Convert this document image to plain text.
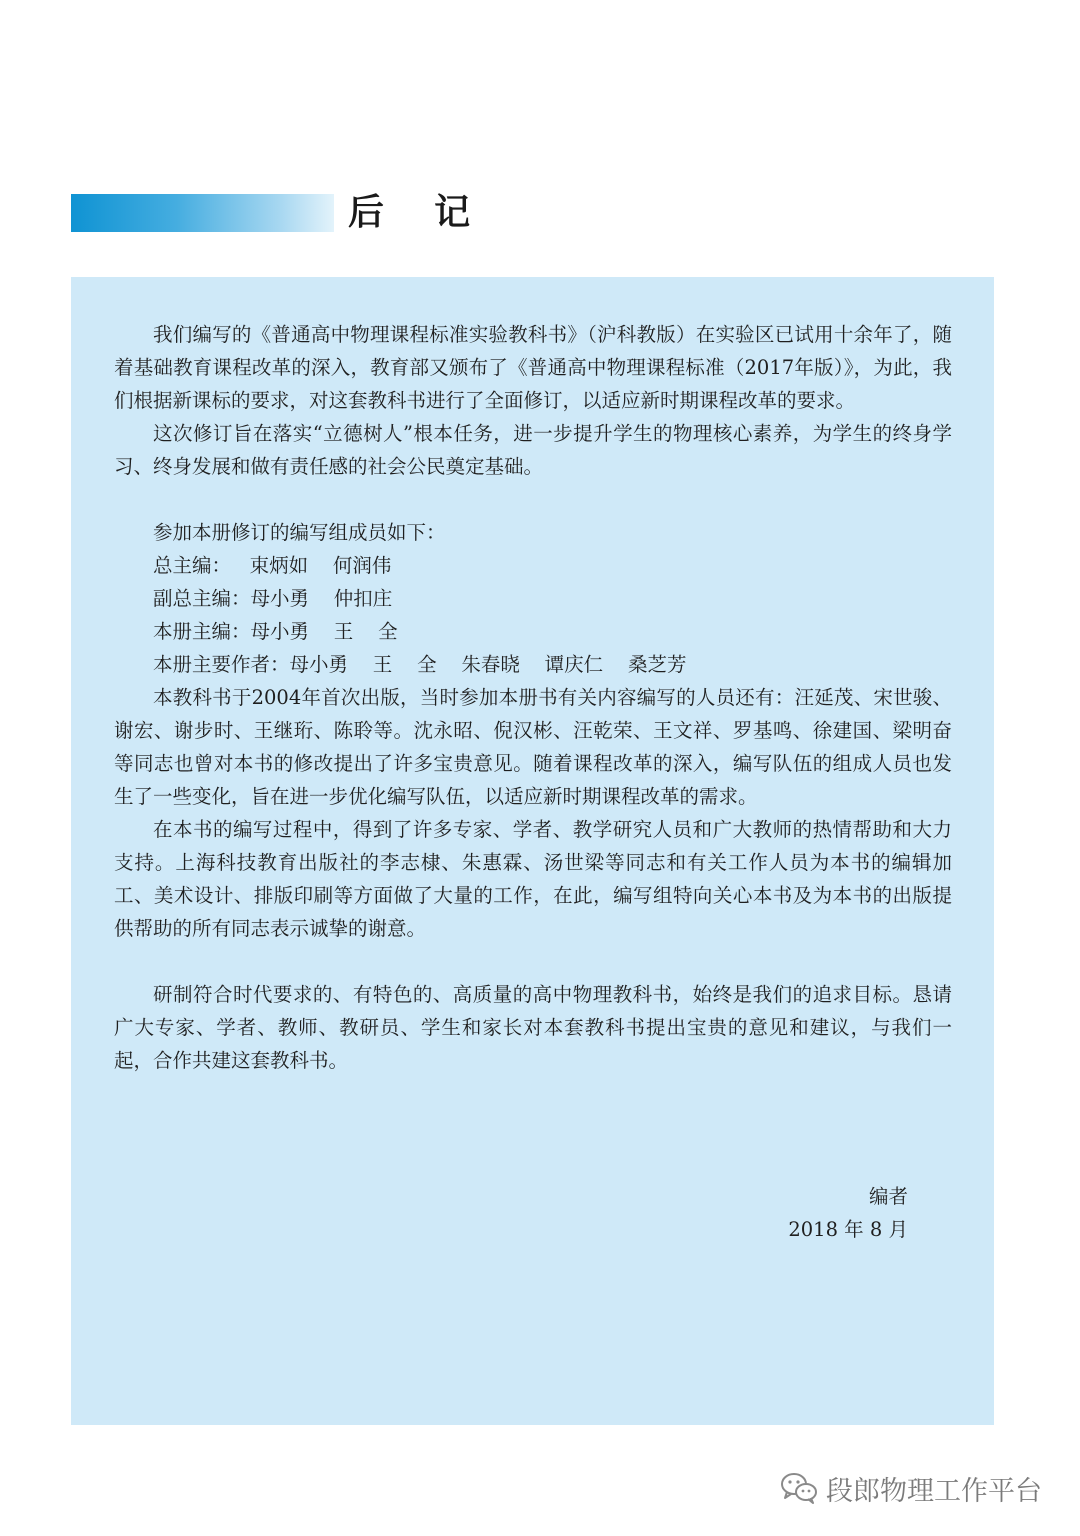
后    记

我们编写的《普通高中物理课程标准实验教科书》（沪科教版）在实验区已试用十余年了，随着基础教育课程改革的深入，教育部又颁布了《普通高中物理课程标准（2017年版）》，为此，我们根据新课标的要求，对这套教科书进行了全面修订，以适应新时期课程改革的要求。

这次修订旨在落实“立德树人”根本任务，进一步提升学生的物理核心素养，为学生的终身学习、终身发展和做有责任感的社会公民奠定基础。

参加本册修订的编写组成员如下：

总主编：   束炳如    何润伟

副总主编：母小勇    仲扣庄

本册主编：母小勇    王    全

本册主要作者：母小勇    王    全    朱春晓    谭庆仁    桑芝芳

本教科书于2004年首次出版，当时参加本册书有关内容编写的人员还有：汪延茂、宋世骏、谢宏、谢步时、王继珩、陈聆等。沈永昭、倪汉彬、汪乾荣、王文祥、罗基鸣、徐建国、梁明奋等同志也曾对本书的修改提出了许多宝贵意见。随着课程改革的深入，编写队伍的组成人员也发生了一些变化，旨在进一步优化编写队伍，以适应新时期课程改革的需求。

在本书的编写过程中，得到了许多专家、学者、教学研究人员和广大教师的热情帮助和大力支持。上海科技教育出版社的李志棣、朱惠霖、汤世梁等同志和有关工作人员为本书的编辑加工、美术设计、排版印刷等方面做了大量的工作，在此，编写组特向关心本书及为本书的出版提供帮助的所有同志表示诚挚的谢意。

研制符合时代要求的、有特色的、高质量的高中物理教科书，始终是我们的追求目标。恳请广大专家、学者、教师、教研员、学生和家长对本套教科书提出宝贵的意见和建议，与我们一起，合作共建这套教科书。

编者
2018 年 8 月
段郎物理工作平台
